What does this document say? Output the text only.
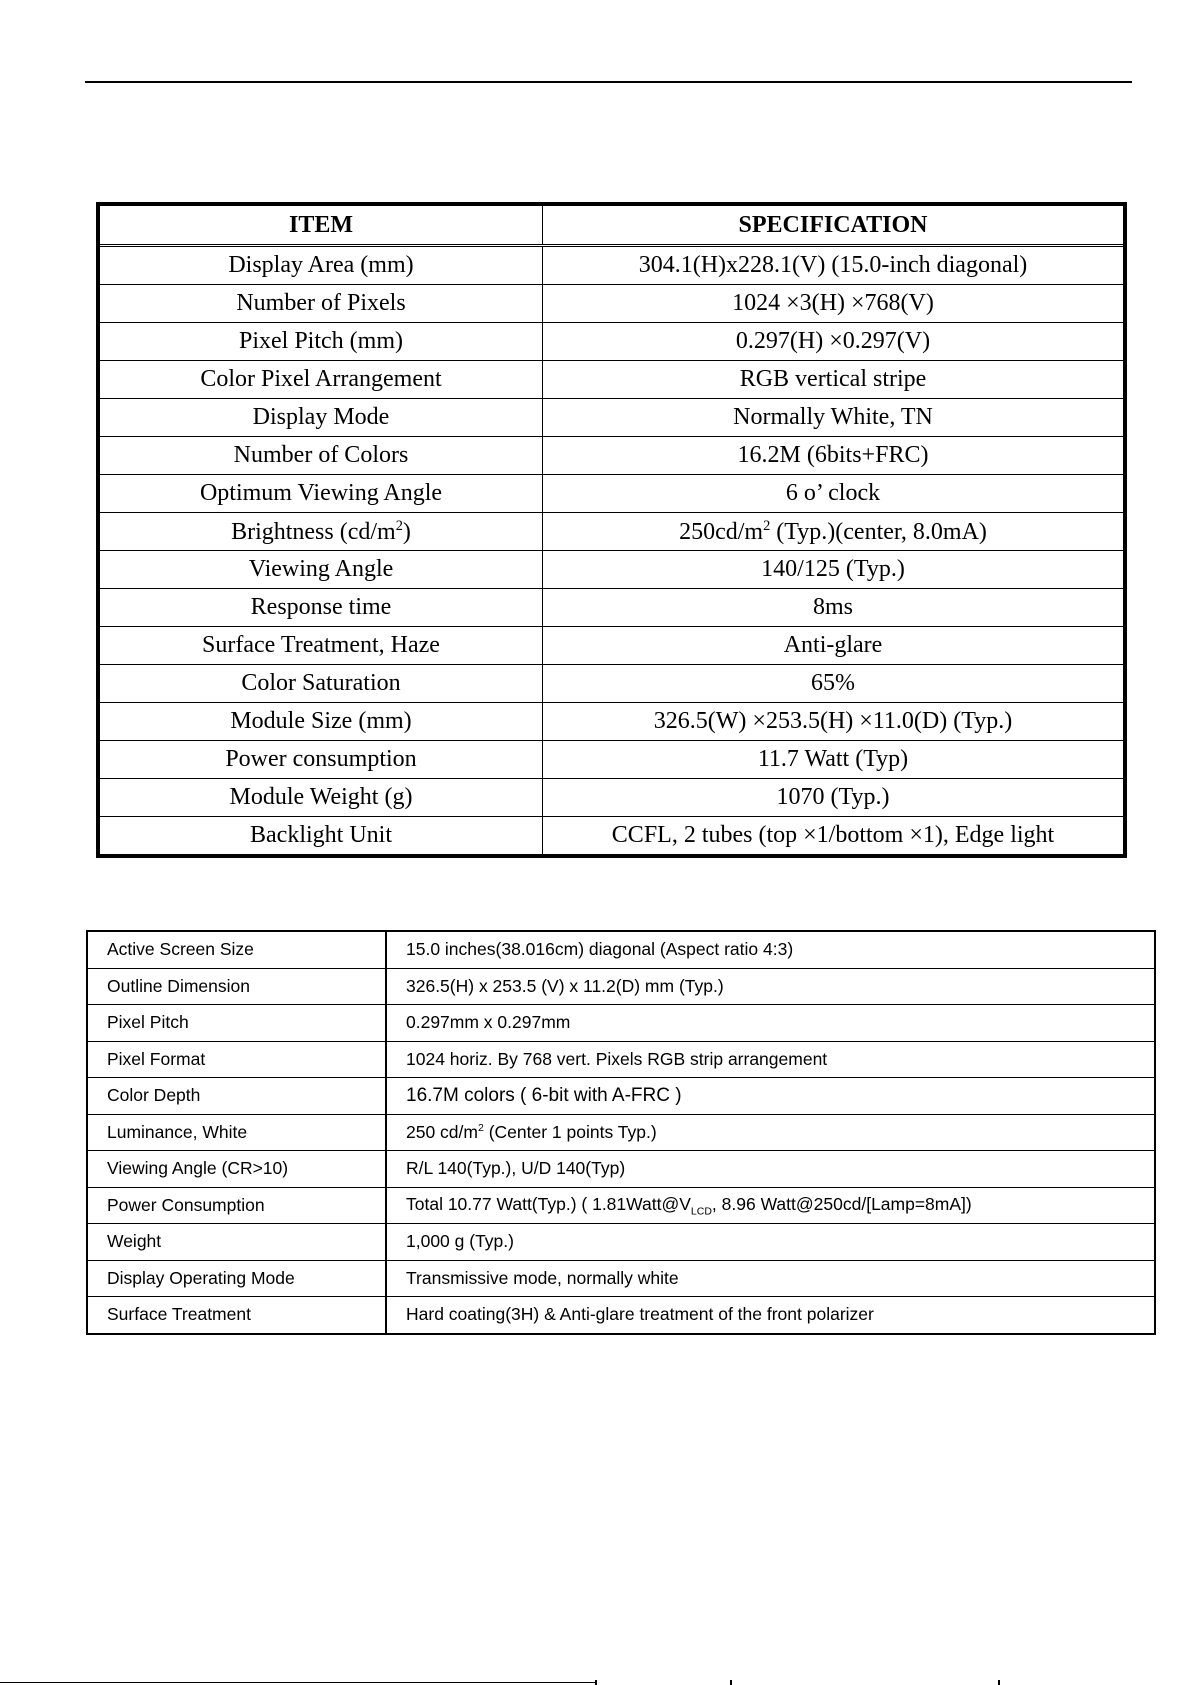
ITEM	SPECIFICATION
Display Area (mm)	304.1(H)x228.1(V) (15.0-inch diagonal)
Number of Pixels	1024 ×3(H) ×768(V)
Pixel Pitch (mm)	0.297(H) ×0.297(V)
Color Pixel Arrangement	RGB vertical stripe
Display Mode	Normally White, TN
Number of Colors	16.2M (6bits+FRC)
Optimum Viewing Angle	6 o’ clock
Brightness $(cd/m^2)$	$250cd/m^2$ (Typ.)(center, 8.0mA)
Viewing Angle	140/125 (Typ.)
Response time	8ms
Surface Treatment, Haze	Anti-glare
Color Saturation	65%
Module Size (mm)	326.5(W) ×253.5(H) ×11.0(D) (Typ.)
Power consumption	11.7 Watt (Typ)
Module Weight (g)	1070 (Typ.)
Backlight Unit	CCFL, 2 tubes (top ×1/bottom ×1), Edge light
Active Screen Size	15.0 inches(38.016cm) diagonal (Aspect ratio 4:3)
Outline Dimension	326.5(H) x 253.5 (V) x 11.2(D) mm (Typ.)
Pixel Pitch	0.297mm x 0.297mm
Pixel Format	1024 horiz. By 768 vert. Pixels RGB strip arrangement
Color Depth	16.7M colors ( 6-bit with A-FRC )
Luminance, White	250 $cd/m^2$ (Center 1 points Typ.)
Viewing Angle (CR>10)	R/L 140(Typ.), U/D 140(Typ)
Power Consumption	Total 10.77 Watt(Typ.) ( $1.81Watt@V_{LCD}$, 8.96 Watt@250cd/[Lamp=8mA])
Weight	1,000 g (Typ.)
Display Operating Mode	Transmissive mode, normally white
Surface Treatment	Hard coating(3H) & Anti-glare treatment of the front polarizer
